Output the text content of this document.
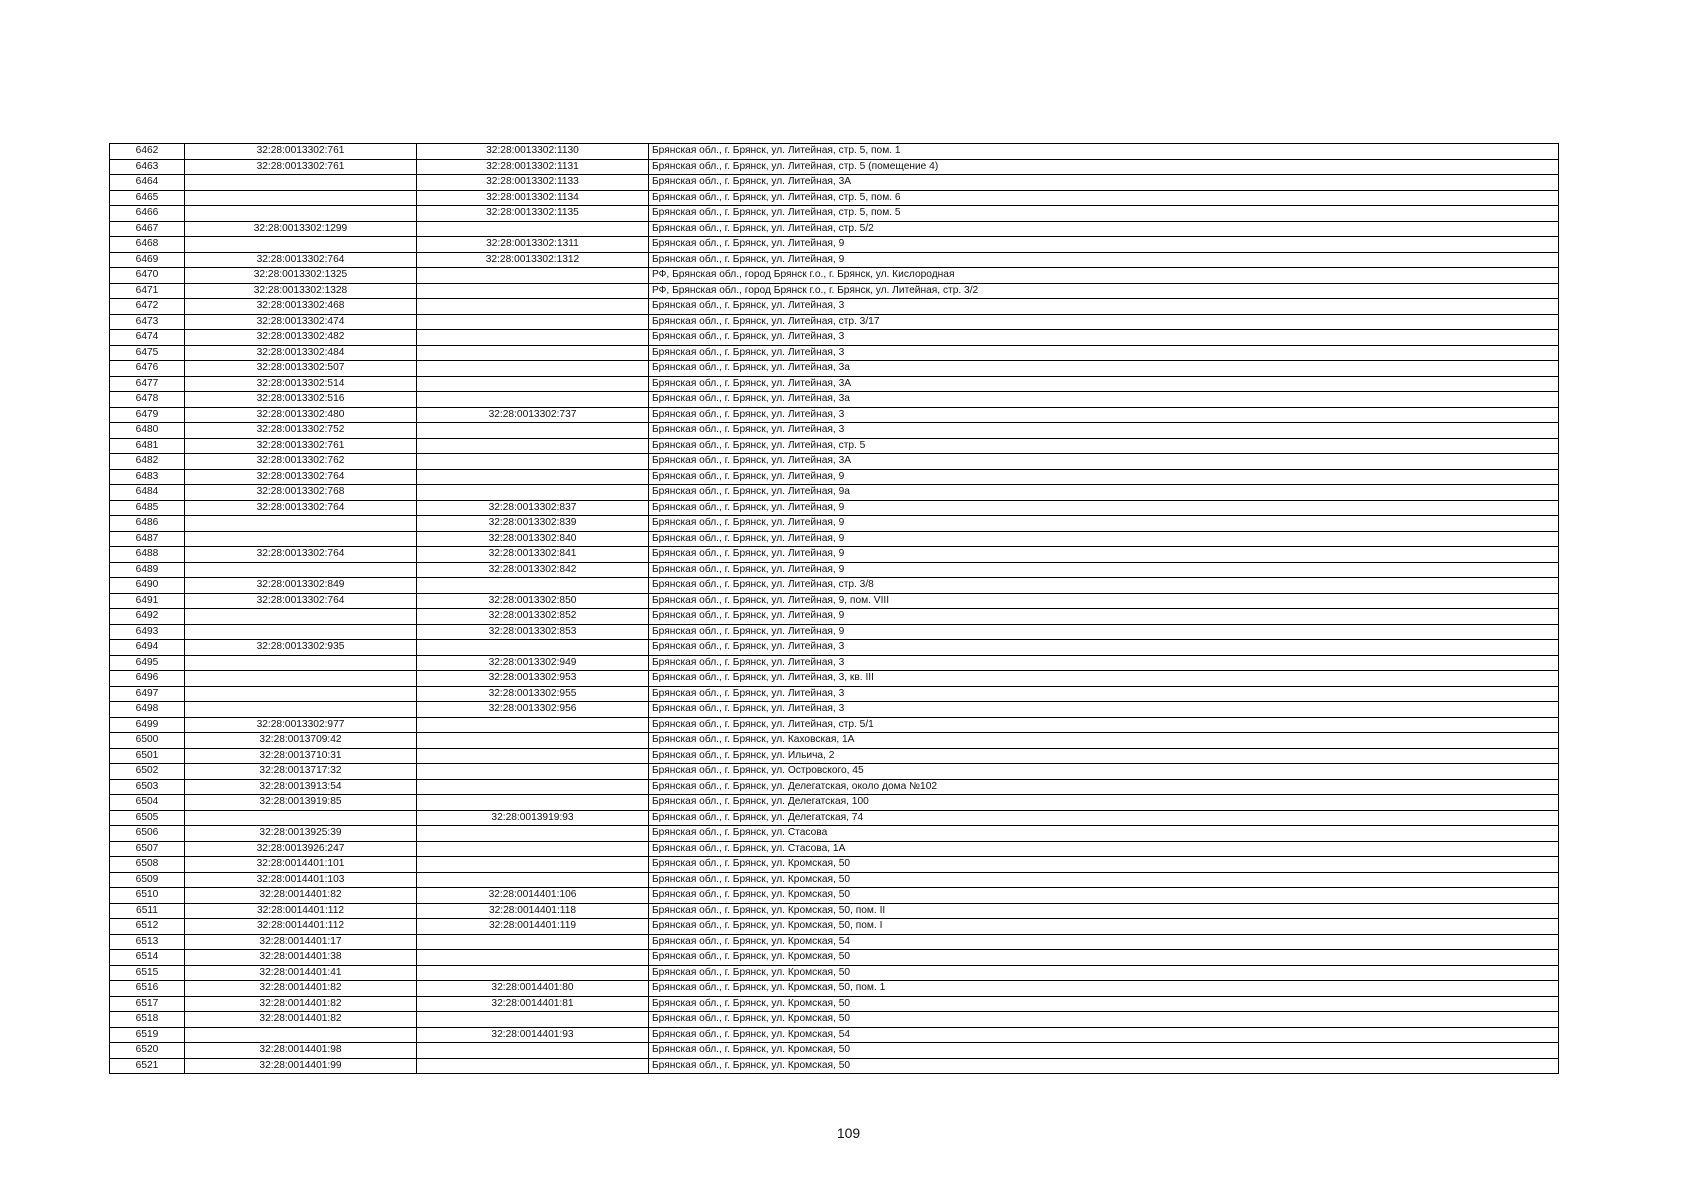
6462	32:28:0013302:761	32:28:0013302:1130	Брянская обл., г. Брянск, ул. Литейная, стр. 5, пом. 1
6463	32:28:0013302:761	32:28:0013302:1131	Брянская обл., г. Брянск, ул. Литейная, стр. 5 (помещение 4)
6464		32:28:0013302:1133	Брянская обл., г. Брянск, ул. Литейная, 3А
6465		32:28:0013302:1134	Брянская обл., г. Брянск, ул. Литейная, стр. 5, пом. 6
6466		32:28:0013302:1135	Брянская обл., г. Брянск, ул. Литейная, стр. 5, пом. 5
6467	32:28:0013302:1299		Брянская обл., г. Брянск, ул. Литейная, стр. 5/2
6468		32:28:0013302:1311	Брянская обл., г. Брянск, ул. Литейная, 9
6469	32:28:0013302:764	32:28:0013302:1312	Брянская обл., г. Брянск, ул. Литейная, 9
6470	32:28:0013302:1325		РФ, Брянская обл., город Брянск г.о., г. Брянск, ул. Кислородная
6471	32:28:0013302:1328		РФ, Брянская обл., город Брянск г.о., г. Брянск, ул. Литейная, стр. 3/2
6472	32:28:0013302:468		Брянская обл., г. Брянск, ул. Литейная, 3
6473	32:28:0013302:474		Брянская обл., г. Брянск, ул. Литейная, стр. 3/17
6474	32:28:0013302:482		Брянская обл., г. Брянск, ул. Литейная, 3
6475	32:28:0013302:484		Брянская обл., г. Брянск, ул. Литейная, 3
6476	32:28:0013302:507		Брянская обл., г. Брянск, ул. Литейная, 3а
6477	32:28:0013302:514		Брянская обл., г. Брянск, ул. Литейная, 3А
6478	32:28:0013302:516		Брянская обл., г. Брянск, ул. Литейная, 3а
6479	32:28:0013302:480	32:28:0013302:737	Брянская обл., г. Брянск, ул. Литейная, 3
6480	32:28:0013302:752		Брянская обл., г. Брянск, ул. Литейная, 3
6481	32:28:0013302:761		Брянская обл., г. Брянск, ул. Литейная, стр. 5
6482	32:28:0013302:762		Брянская обл., г. Брянск, ул. Литейная, 3А
6483	32:28:0013302:764		Брянская обл., г. Брянск, ул. Литейная, 9
6484	32:28:0013302:768		Брянская обл., г. Брянск, ул. Литейная, 9а
6485	32:28:0013302:764	32:28:0013302:837	Брянская обл., г. Брянск, ул. Литейная, 9
6486		32:28:0013302:839	Брянская обл., г. Брянск, ул. Литейная, 9
6487		32:28:0013302:840	Брянская обл., г. Брянск, ул. Литейная, 9
6488	32:28:0013302:764	32:28:0013302:841	Брянская обл., г. Брянск, ул. Литейная, 9
6489		32:28:0013302:842	Брянская обл., г. Брянск, ул. Литейная, 9
6490	32:28:0013302:849		Брянская обл., г. Брянск, ул. Литейная, стр. 3/8
6491	32:28:0013302:764	32:28:0013302:850	Брянская обл., г. Брянск, ул. Литейная, 9, пом. VIII
6492		32:28:0013302:852	Брянская обл., г. Брянск, ул. Литейная, 9
6493		32:28:0013302:853	Брянская обл., г. Брянск, ул. Литейная, 9
6494	32:28:0013302:935		Брянская обл., г. Брянск, ул. Литейная, 3
6495		32:28:0013302:949	Брянская обл., г. Брянск, ул. Литейная, 3
6496		32:28:0013302:953	Брянская обл., г. Брянск, ул. Литейная, 3, кв. III
6497		32:28:0013302:955	Брянская обл., г. Брянск, ул. Литейная, 3
6498		32:28:0013302:956	Брянская обл., г. Брянск, ул. Литейная, 3
6499	32:28:0013302:977		Брянская обл., г. Брянск, ул. Литейная, стр. 5/1
6500	32:28:0013709:42		Брянская обл., г. Брянск, ул. Каховская, 1А
6501	32:28:0013710:31		Брянская обл., г. Брянск, ул. Ильича, 2
6502	32:28:0013717:32		Брянская обл., г. Брянск, ул. Островского, 45
6503	32:28:0013913:54		Брянская обл., г. Брянск, ул. Делегатская, около дома №102
6504	32:28:0013919:85		Брянская обл., г. Брянск, ул. Делегатская, 100
6505		32:28:0013919:93	Брянская обл., г. Брянск, ул. Делегатская, 74
6506	32:28:0013925:39		Брянская обл., г. Брянск, ул. Стасова
6507	32:28:0013926:247		Брянская обл., г. Брянск, ул. Стасова, 1А
6508	32:28:0014401:101		Брянская обл., г. Брянск, ул. Кромская, 50
6509	32:28:0014401:103		Брянская обл., г. Брянск, ул. Кромская, 50
6510	32:28:0014401:82	32:28:0014401:106	Брянская обл., г. Брянск, ул. Кромская, 50
6511	32:28:0014401:112	32:28:0014401:118	Брянская обл., г. Брянск, ул. Кромская, 50, пом. II
6512	32:28:0014401:112	32:28:0014401:119	Брянская обл., г. Брянск, ул. Кромская, 50, пом. I
6513	32:28:0014401:17		Брянская обл., г. Брянск, ул. Кромская, 54
6514	32:28:0014401:38		Брянская обл., г. Брянск, ул. Кромская, 50
6515	32:28:0014401:41		Брянская обл., г. Брянск, ул. Кромская, 50
6516	32:28:0014401:82	32:28:0014401:80	Брянская обл., г. Брянск, ул. Кромская, 50, пом. 1
6517	32:28:0014401:82	32:28:0014401:81	Брянская обл., г. Брянск, ул. Кромская, 50
6518	32:28:0014401:82		Брянская обл., г. Брянск, ул. Кромская, 50
6519		32:28:0014401:93	Брянская обл., г. Брянск, ул. Кромская, 54
6520	32:28:0014401:98		Брянская обл., г. Брянск, ул. Кромская, 50
6521	32:28:0014401:99		Брянская обл., г. Брянск, ул. Кромская, 50
109
